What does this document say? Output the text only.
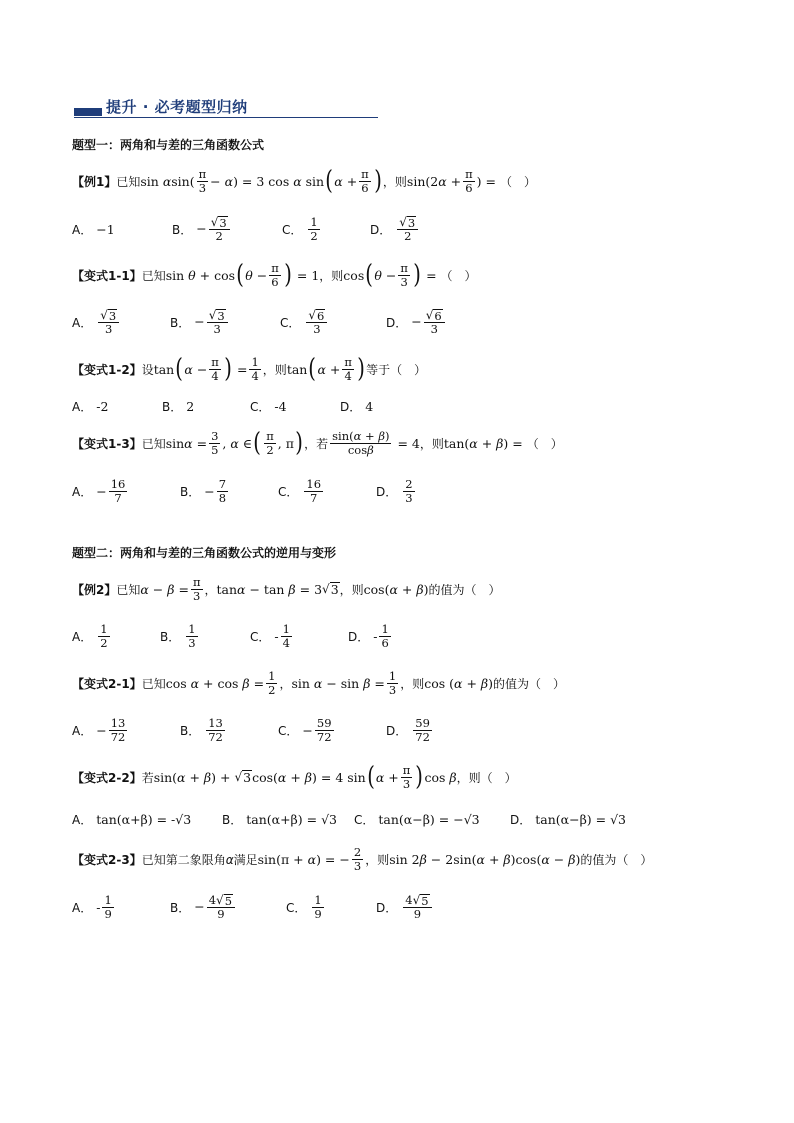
提升 · 必考题型归纳
题型一：两角和与差的三角函数公式
【例1】 已知 sin α $\sin( \frac{\pi}{3} - \alpha$ ) = 3 cos α sin ( $\alpha + \frac{\pi}{6}$ ) ，则 sin(2 $\alpha + \frac{\pi}{6}$ ) = （　）
A． −1	B． − $\frac{√ 3}{2}$	C． $\frac{1}{2}$	D． $\frac{√ 3}{2}$
【变式1-1】 已知 sin θ + cos ( $\theta - \frac{\pi}{6}$ ) = 1 ，则 cos ( $\theta - \frac{\pi}{3}$ ) = （　）
A． $\frac{√ 3}{3}$	B． − $\frac{√ 3}{3}$	C． $\frac{√ 6}{3}$	D． − $\frac{√ 6}{3}$
【变式1-2】 设 tan ( $\alpha - \frac{\pi}{4}$ ) = $\frac{1}{4}$ ，则 tan ( $\alpha + \frac{\pi}{4}$ ) 等于（　）
A． -2	B． 2	C． -4	D． 4
【变式1-3】 已知 $\sin \alpha = \frac{3}{5}$ , α ∈ ( $\frac{\pi}{2}$ , π ) ，若 $\frac{\sin(\alpha + \beta)}{\cos\beta} = 4$ ，则 tan( α + β ) = （　）
A． − $\frac{16}{7}$	B． − $\frac{7}{8}$	C． $\frac{16}{7}$	D． $\frac{2}{3}$
题型二：两角和与差的三角函数公式的逆用与变形
【例2】 已知 $\alpha - \beta = \frac{\pi}{3}$ ， tan α − tan β = 3 √ 3 ，则 cos( α + β ) 的值为（　）
A． $\frac{1}{2}$	B． $\frac{1}{3}$	C． - $\frac{1}{4}$	D． - $\frac{1}{6}$
【变式2-1】 已知 $\cos \alpha + \cos \beta = \frac{1}{2}$ ， $\sin \alpha - \sin \beta = \frac{1}{3}$ ，则 cos ( α + β ) 的值为（　）
A． − $\frac{13}{72}$	B． $\frac{13}{72}$	C． − $\frac{59}{72}$	D． $\frac{59}{72}$
【变式2-2】 若 sin( α + β ) + √ 3 cos( α + β ) = 4 sin ( $\alpha + \frac{\pi}{3}$ ) cos β ，则（　）
A． tan(α+β) = -√3	B． tan(α+β) = √3 C． tan(α−β) = −√3	D． tan(α−β) = √3
【变式2-3】 已知第二象限角α满足 sin(π + α ) = − $\frac{2}{3}$ ，则 sin 2 β − 2sin( α + β )cos( α − β ) 的值为（　）
A． - $\frac{1}{9}$	B． − $\frac{4 √ 5}{9}$	C． $\frac{1}{9}$	D． $\frac{4 √ 5}{9}$
